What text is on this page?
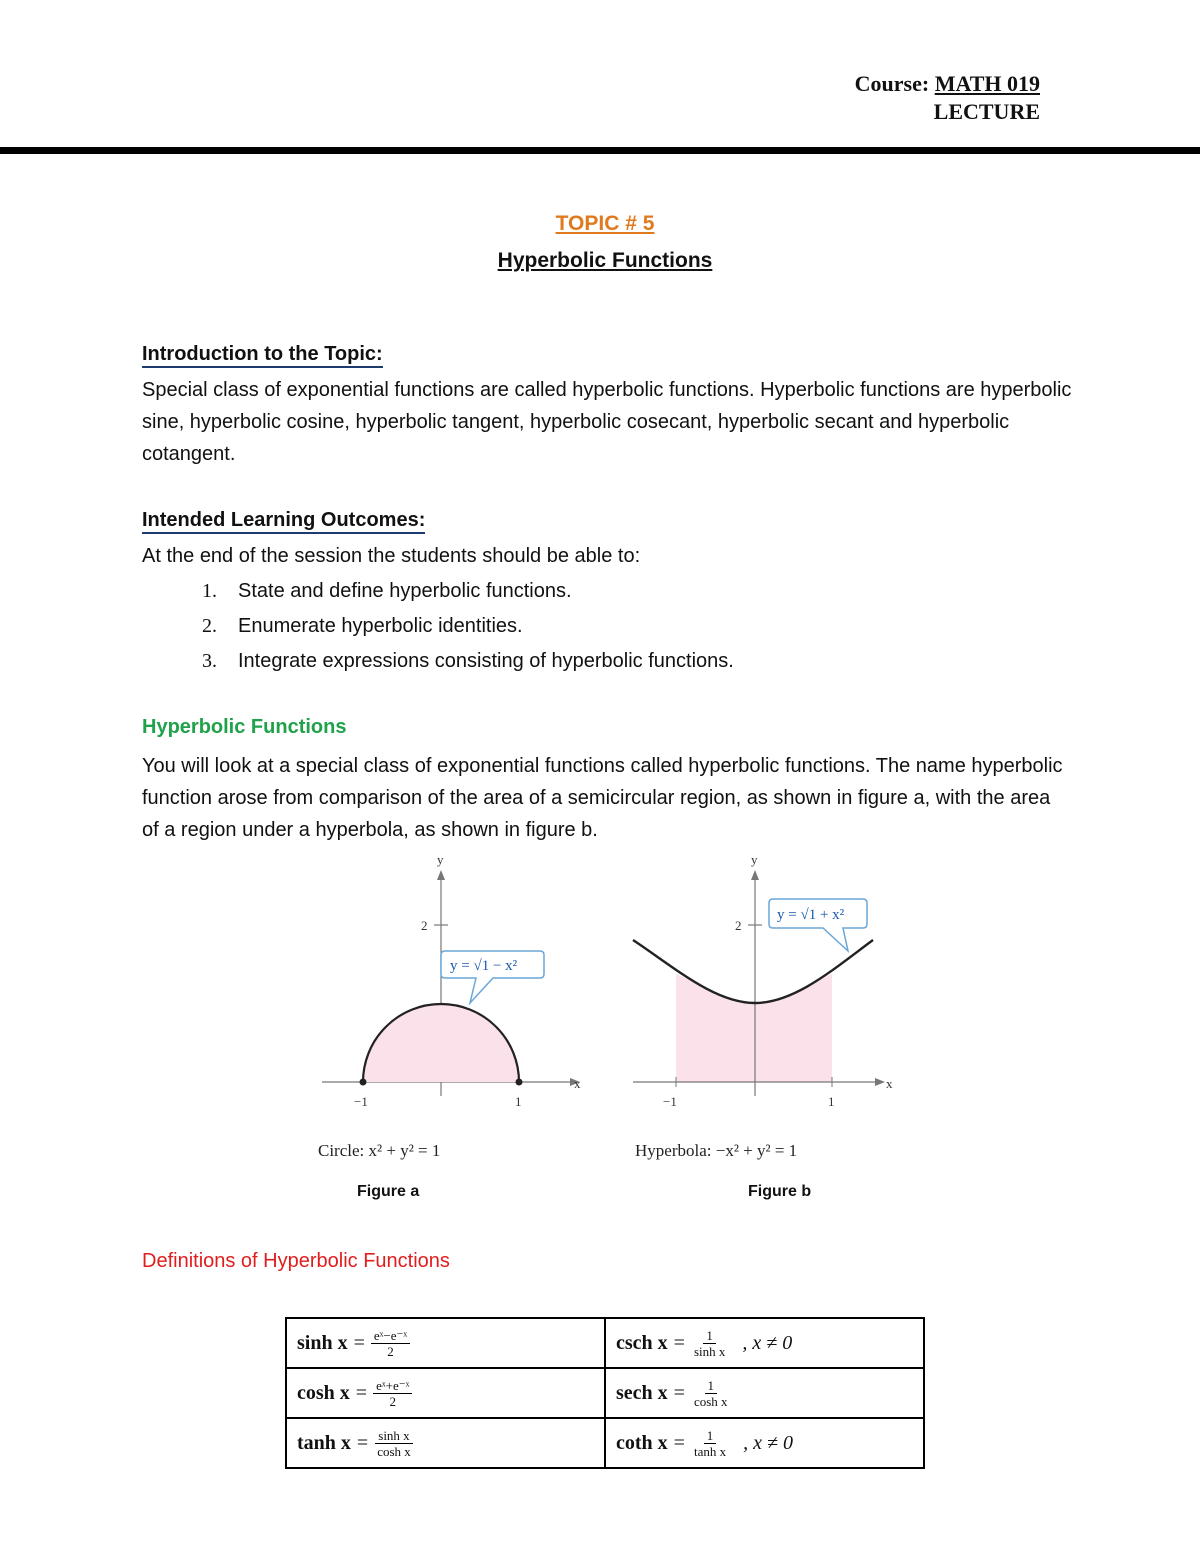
Course: MATH 019
LECTURE
TOPIC # 5
Hyperbolic Functions
Introduction to the Topic:
Special class of exponential functions are called hyperbolic functions. Hyperbolic functions are hyperbolic sine, hyperbolic cosine, hyperbolic tangent, hyperbolic cosecant, hyperbolic secant and hyperbolic cotangent.
Intended Learning Outcomes:
At the end of the session the students should be able to:
1. State and define hyperbolic functions.
2. Enumerate hyperbolic identities.
3. Integrate expressions consisting of hyperbolic functions.
Hyperbolic Functions
You will look at a special class of exponential functions called hyperbolic functions. The name hyperbolic function arose from comparison of the area of a semicircular region, as shown in figure a, with the area of a region under a hyperbola, as shown in figure b.
y
x
2
−1	1
y = √1 − x²
Circle: x² + y² = 1
Figure a
y
x
2
−1	1
y = √1 + x²
Hyperbola: −x² + y² = 1
Figure b
Definitions of Hyperbolic Functions
$\sinh x = \frac{\text{eˣ−e⁻ˣ}}{2}$	csch $x = \frac{1}{\text{sinh x}}$ , x ≠ 0

$\cosh x = \frac{\text{eˣ+e⁻ˣ}}{2}$	sech $x = \frac{1}{\text{cosh x}}$

$\tanh x = \frac{\text{sinh x}}{\text{cosh x}}$	coth $x = \frac{1}{\text{tanh x}}$ , x ≠ 0
